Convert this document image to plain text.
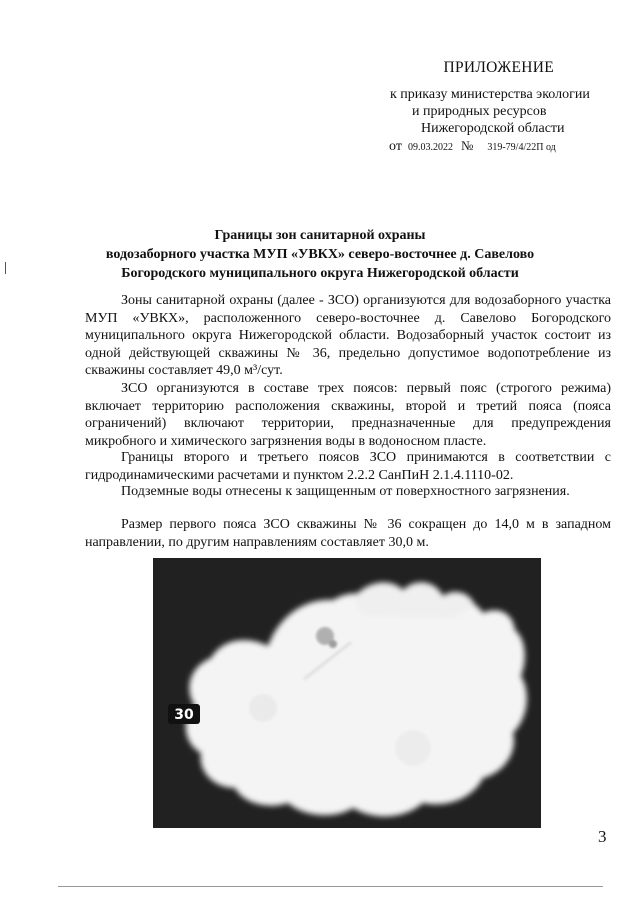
ПРИЛОЖЕНИЕ
к приказу министерства экологии
и природных ресурсов
Нижегородской области
от 09.03.2022 № 319-79/4/22П од
Границы зон санитарной охраны
водозаборного участка МУП «УВКХ» северо-восточнее д. Савелово
Богородского муниципального округа Нижегородской области
Зоны санитарной охраны (далее - ЗСО) организуются для водозаборного участка МУП «УВКХ», расположенного северо-восточнее д. Савелово Богородского муниципального округа Нижегородской области. Водозаборный участок состоит из одной действующей скважины № 36, предельно допустимое водопотребление из скважины составляет 49,0 м³/сут.
ЗСО организуются в составе трех поясов: первый пояс (строгого режима) включает территорию расположения скважины, второй и третий пояса (пояса ограничений) включают территории, предназначенные для предупреждения микробного и химического загрязнения воды в водоносном пласте.
Границы второго и третьего поясов ЗСО принимаются в соответствии с гидродинамическими расчетами и пунктом 2.2.2 СанПиН 2.1.4.1110-02.
Подземные воды отнесены к защищенным от поверхностного загрязнения.
Размер первого пояса ЗСО скважины № 36 сокращен до 14,0 м в западном направлении, по другим направлениям составляет 30,0 м.
30
3
